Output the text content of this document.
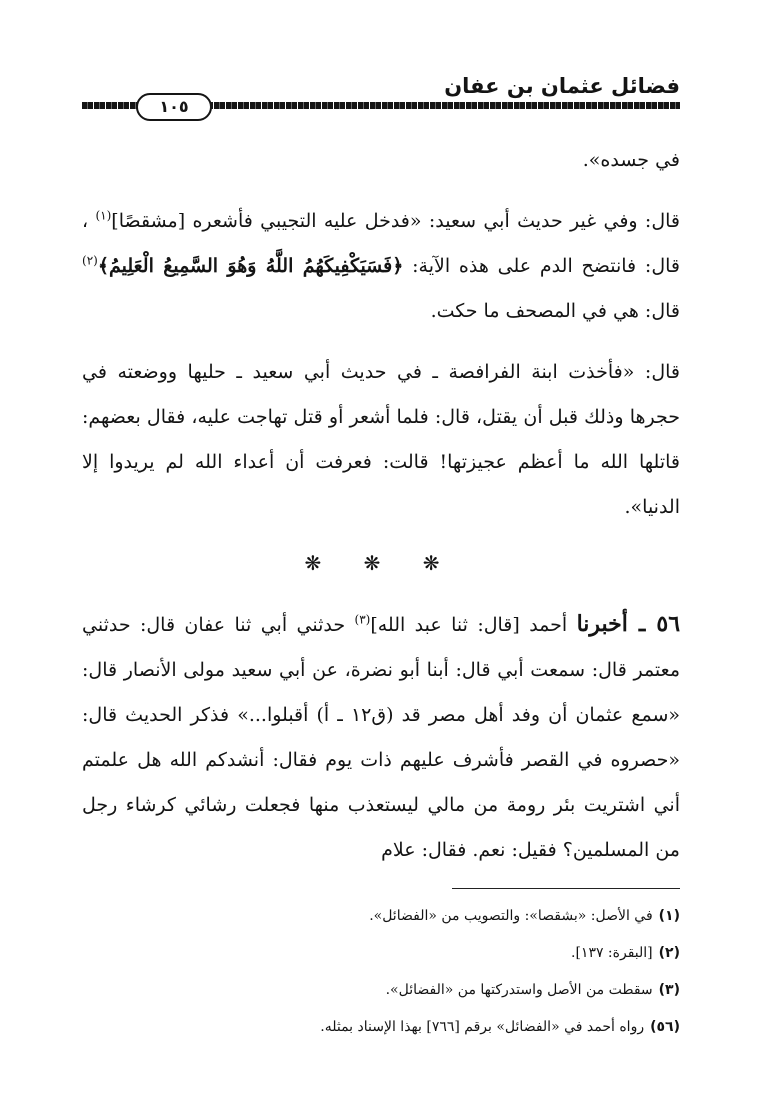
فضائل عثمان بن عفان
١٠٥

في جسده».

قال: وفي غير حديث أبي سعيد: «فدخل عليه التجيبي فأشعره [مشقصًا]$^{(١)}$ ، قال: فانتضح الدم على هذه الآية: ﴿فَسَيَكْفِيكَهُمُ اللَّهُ وَهُوَ السَّمِيعُ الْعَلِيمُ﴾$^{(٢)}$ قال: هي في المصحف ما حكت.

قال: «فأخذت ابنة الفرافصة ـ في حديث أبي سعيد ـ حليها ووضعته في حجرها وذلك قبل أن يقتل، قال: فلما أشعر أو قتل تهاجت عليه، فقال بعضهم: قاتلها الله ما أعظم عجيزتها! قالت: فعرفت أن أعداء الله لم يريدوا إلا الدنيا».

❋ ❋ ❋

٥٦ ـ أخبرنا أحمد [قال: ثنا عبد الله]$^{(٣)}$ حدثني أبي ثنا عفان قال: حدثني معتمر قال: سمعت أبي قال: أبنا أبو نضرة، عن أبي سعيد مولى الأنصار قال: «سمع عثمان أن وفد أهل مصر قد (ق١٢ ـ أ) أقبلوا...» فذكر الحديث قال: «حصروه في القصر فأشرف عليهم ذات يوم فقال: أنشدكم الله هل علمتم أني اشتريت بئر رومة من مالي ليستعذب منها فجعلت رشائي كرشاء رجل من المسلمين؟ فقيل: نعم. فقال: علام

(١)في الأصل: «بشقصا»: والتصويب من «الفضائل».

(٢)[البقرة: ١٣٧].

(٣)سقطت من الأصل واستدركتها من «الفضائل».

(٥٦)رواه أحمد في «الفضائل» برقم [٧٦٦] بهذا الإسناد بمثله.
